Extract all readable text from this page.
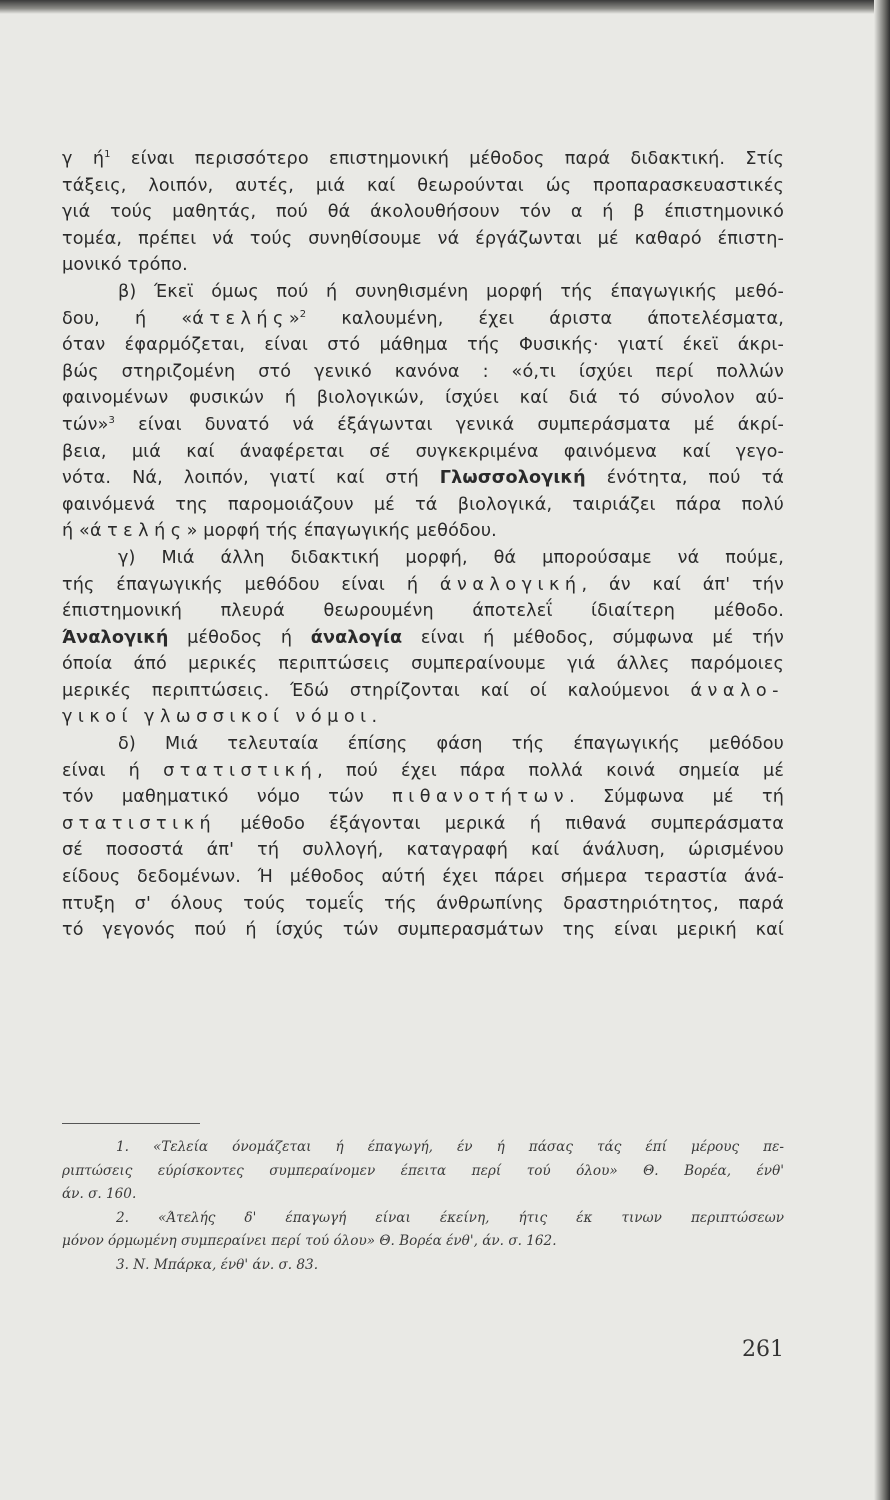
γ $ή^1$ είναι περισσότερο επιστημονική μέθοδος παρά διδακτική. Στίς
τάξεις, λοιπόν, αυτές, μιά καί θεωρούνται ώς προπαρασκευαστικές
γιά τούς μαθητάς, πού θά άκολουθήσουν τόν α ή β έπιστημονικό
τομέα, πρέπει νά τούς συνηθίσουμε νά έργάζωνται μέ καθαρό έπιστη-
μονικό τρόπο.
β) Έκεϊ όμως πού ή συνηθισμένη μορφή τής έπαγωγικής μεθό-
δου, ή «άτελής»$^2$ καλουμένη, έχει άριστα άποτελέσματα,
όταν έφαρμόζεται, είναι στό μάθημα τής Φυσικής· γιατί έκεϊ άκρι-
βώς στηριζομένη στό γενικό κανόνα : «ό,τι ίσχύει περί πολλών
φαινομένων φυσικών ή βιολογικών, ίσχύει καί διά τό σύνολον αύ-
τών»$^3$ είναι δυνατό νά έξάγωνται γενικά συμπεράσματα μέ άκρί-
βεια, μιά καί άναφέρεται σέ συγκεκριμένα φαινόμενα καί γεγο-
νότα. Νά, λοιπόν, γιατί καί στή Γλωσσολογική ένότητα, πού τά
φαινόμενά της παρομοιάζουν μέ τά βιολογικά, ταιριάζει πάρα πολύ
ή «άτελής» μορφή τής έπαγωγικής μεθόδου.
γ) Μιά άλλη διδακτική μορφή, θά μπορούσαμε νά πούμε,
τής έπαγωγικής μεθόδου είναι ή άναλογική, άν καί άπ' τήν
έπιστημονική πλευρά θεωρουμένη άποτελεΐ ίδιαίτερη μέθοδο.
Άναλογική μέθοδος ή άναλογία είναι ή μέθοδος, σύμφωνα μέ τήν
όποία άπό μερικές περιπτώσεις συμπεραίνουμε γιά άλλες παρόμοιες
μερικές περιπτώσεις. Έδώ στηρίζονται καί οί καλούμενοι άναλο-
γικοί γλωσσικοί νόμοι.
δ) Μιά τελευταία έπίσης φάση τής έπαγωγικής μεθόδου
είναι ή στατιστική, πού έχει πάρα πολλά κοινά σημεία μέ
τόν μαθηματικό νόμο τών πιθανοτήτων. Σύμφωνα μέ τή
στατιστική μέθοδο έξάγονται μερικά ή πιθανά συμπεράσματα
σέ ποσοστά άπ' τή συλλογή, καταγραφή καί άνάλυση, ώρισμένου
είδους δεδομένων. Ή μέθοδος αύτή έχει πάρει σήμερα τεραστία άνά-
πτυξη σ' όλους τούς τομεΐς τής άνθρωπίνης δραστηριότητος, παρά
τό γεγονός πού ή ίσχύς τών συμπερασμάτων της είναι μερική καί
1. «Τελεία όνομάζεται ή έπαγωγή, έν ή πάσας τάς έπί μέρους πε-
ριπτώσεις εύρίσκοντες συμπεραίνομεν έπειτα περί τού όλου» Θ. Βορέα, ένθ'
άν. σ. 160.
2. «Άτελής δ' έπαγωγή είναι έκείνη, ήτις έκ τινων περιπτώσεων
μόνον όρμωμένη συμπεραίνει περί τού όλου» Θ. Βορέα ένθ', άν. σ. 162.
3. Ν. Μπάρκα, ένθ' άν. σ. 83.
261
